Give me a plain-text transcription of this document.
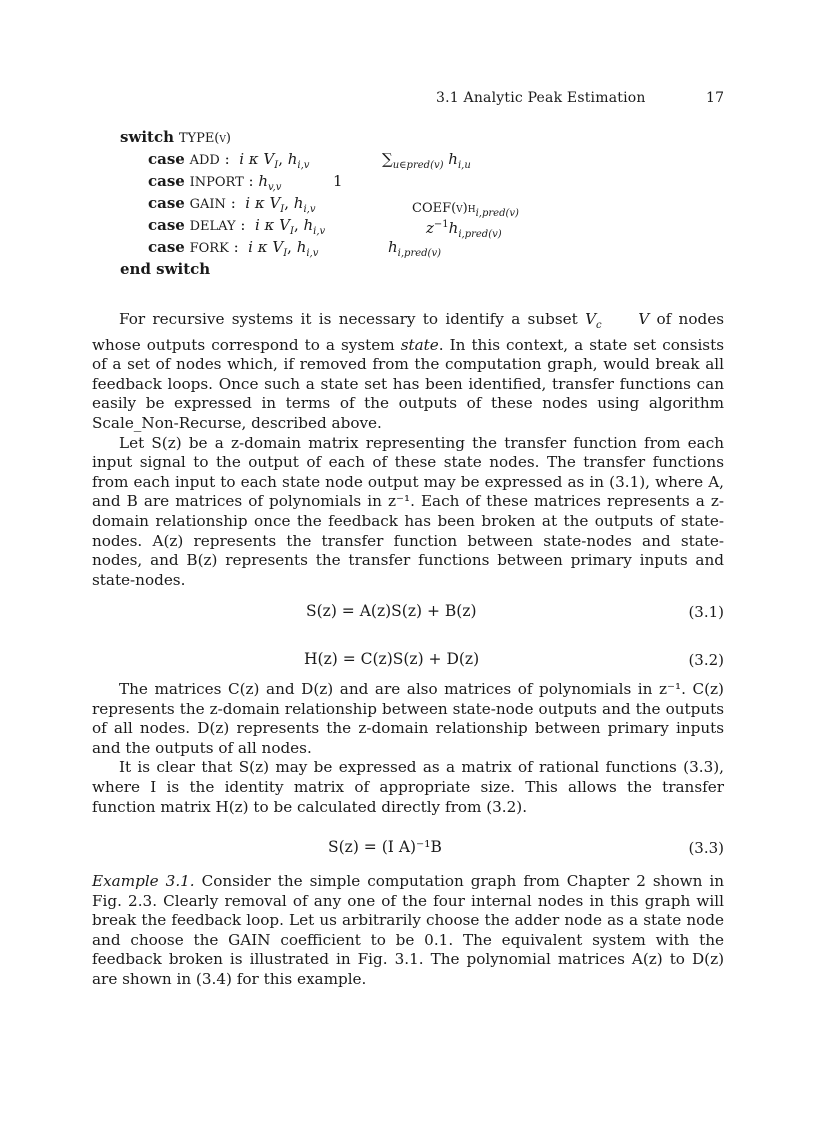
3.1 Analytic Peak Estimation	17
switch TYPE(v)
case ADD :  i κ $V_I$, $h_{i,v}$	$\sum_{u\in pred(v)}$ $h_{i,u}$
case INPORT : $h_{v,v}$	1
case GAIN :  i κ $V_I$, $h_{i,v}$	$COEF(v)h_{i,pred(v)}$
case DELAY :  i κ $V_I$, $h_{i,v}$	$z^{-1}h_{i,pred(v)}$
case FORK :  i κ $V_I$, $h_{i,v}$	$h_{i,pred(v)}$
end switch

For recursive systems it is necessary to identify a subset $V_c$ V of nodes whose outputs correspond to a system state. In this context, a state set consists of a set of nodes which, if removed from the computation graph, would break all feedback loops. Once such a state set has been identified, transfer functions can easily be expressed in terms of the outputs of these nodes using algorithm Scale_Non-Recurse, described above.

Let S(z) be a z-domain matrix representing the transfer function from each input signal to the output of each of these state nodes. The transfer functions from each input to each state node output may be expressed as in (3.1), where A, and B are matrices of polynomials in z⁻¹. Each of these matrices represents a z-domain relationship once the feedback has been broken at the outputs of state-nodes. A(z) represents the transfer function between state-nodes and state-nodes, and B(z) represents the transfer functions between primary inputs and state-nodes.

S(z) = A(z)S(z) + B(z)	(3.1)
H(z) = C(z)S(z) + D(z)	(3.2)

The matrices C(z) and D(z) and are also matrices of polynomials in z⁻¹. C(z) represents the z-domain relationship between state-node outputs and the outputs of all nodes. D(z) represents the z-domain relationship between primary inputs and the outputs of all nodes.

It is clear that S(z) may be expressed as a matrix of rational functions (3.3), where I is the identity matrix of appropriate size. This allows the transfer function matrix H(z) to be calculated directly from (3.2).

S(z) = (I A)⁻¹B	(3.3)

Example 3.1. Consider the simple computation graph from Chapter 2 shown in Fig. 2.3. Clearly removal of any one of the four internal nodes in this graph will break the feedback loop. Let us arbitrarily choose the adder node as a state node and choose the GAIN coefficient to be 0.1. The equivalent system with the feedback broken is illustrated in Fig. 3.1. The polynomial matrices A(z) to D(z) are shown in (3.4) for this example.
